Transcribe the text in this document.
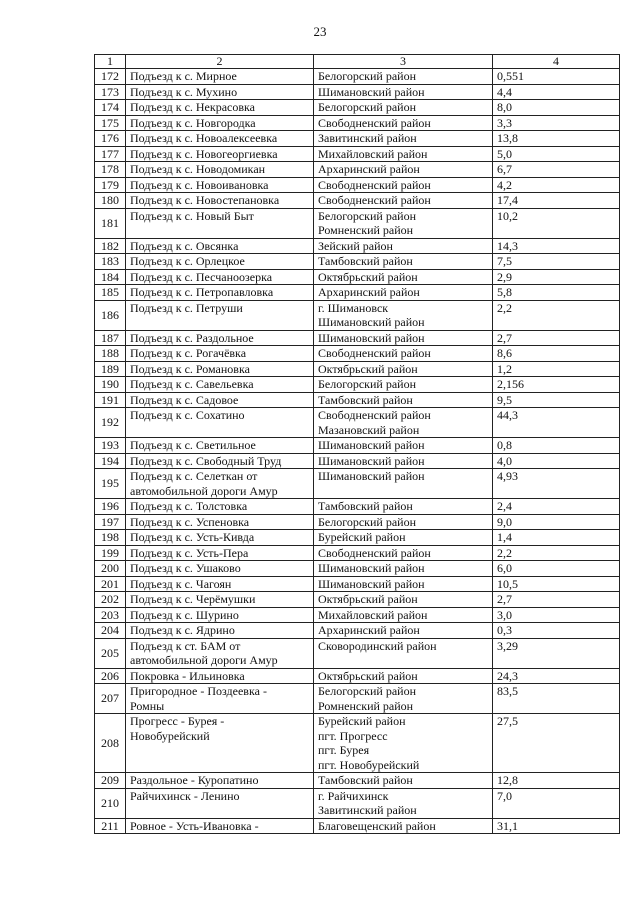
23
1	2	3	4
172	Подъезд к с. Мирное	Белогорский район	0,551
173	Подъезд к с. Мухино	Шимановский район	4,4
174	Подъезд к с. Некрасовка	Белогорский район	8,0
175	Подъезд к с. Новгородка	Свободненский район	3,3
176	Подъезд к с. Новоалексеевка	Завитинский район	13,8
177	Подъезд к с. Новогеоргиевка	Михайловский район	5,0
178	Подъезд к с. Новодомикан	Архаринский район	6,7
179	Подъезд к с. Новоивановка	Свободненский район	4,2
180	Подъезд к с. Новостепановка	Свободненский район	17,4
181	Подъезд к с. Новый Быт	Белогорский район
Ромненский район	10,2
182	Подъезд к с. Овсянка	Зейский район	14,3
183	Подъезд к с. Орлецкое	Тамбовский район	7,5
184	Подъезд к с. Песчаноозерка	Октябрьский район	2,9
185	Подъезд к с. Петропавловка	Архаринский район	5,8
186	Подъезд к с. Петруши	г. Шимановск
Шимановский район	2,2
187	Подъезд к с. Раздольное	Шимановский район	2,7
188	Подъезд к с. Рогачёвка	Свободненский район	8,6
189	Подъезд к с. Романовка	Октябрьский район	1,2
190	Подъезд к с. Савельевка	Белогорский район	2,156
191	Подъезд к с. Садовое	Тамбовский район	9,5
192	Подъезд к с. Сохатино	Свободненский район
Мазановский район	44,3
193	Подъезд к с. Светильное	Шимановский район	0,8
194	Подъезд к с. Свободный Труд	Шимановский район	4,0
195	Подъезд к с. Селеткан от
автомобильной дороги Амур	Шимановский район	4,93
196	Подъезд к с. Толстовка	Тамбовский район	2,4
197	Подъезд к с. Успеновка	Белогорский район	9,0
198	Подъезд к с. Усть-Кивда	Бурейский район	1,4
199	Подъезд к с. Усть-Пера	Свободненский район	2,2
200	Подъезд к с. Ушаково	Шимановский район	6,0
201	Подъезд к с. Чагоян	Шимановский район	10,5
202	Подъезд к с. Черёмушки	Октябрьский район	2,7
203	Подъезд к с. Шурино	Михайловский район	3,0
204	Подъезд к с. Ядрино	Архаринский район	0,3
205	Подъезд к ст. БАМ от
автомобильной дороги Амур	Сковородинский район	3,29
206	Покровка - Ильиновка	Октябрьский район	24,3
207	Пригородное - Поздеевка -
Ромны	Белогорский район
Ромненский район	83,5
208	Прогресс - Бурея -
Новобурейский	Бурейский район
пгт. Прогресс
пгт. Бурея
пгт. Новобурейский	27,5
209	Раздольное - Куропатино	Тамбовский район	12,8
210	Райчихинск - Ленино	г. Райчихинск
Завитинский район	7,0
211	Ровное - Усть-Ивановка -	Благовещенский район	31,1
